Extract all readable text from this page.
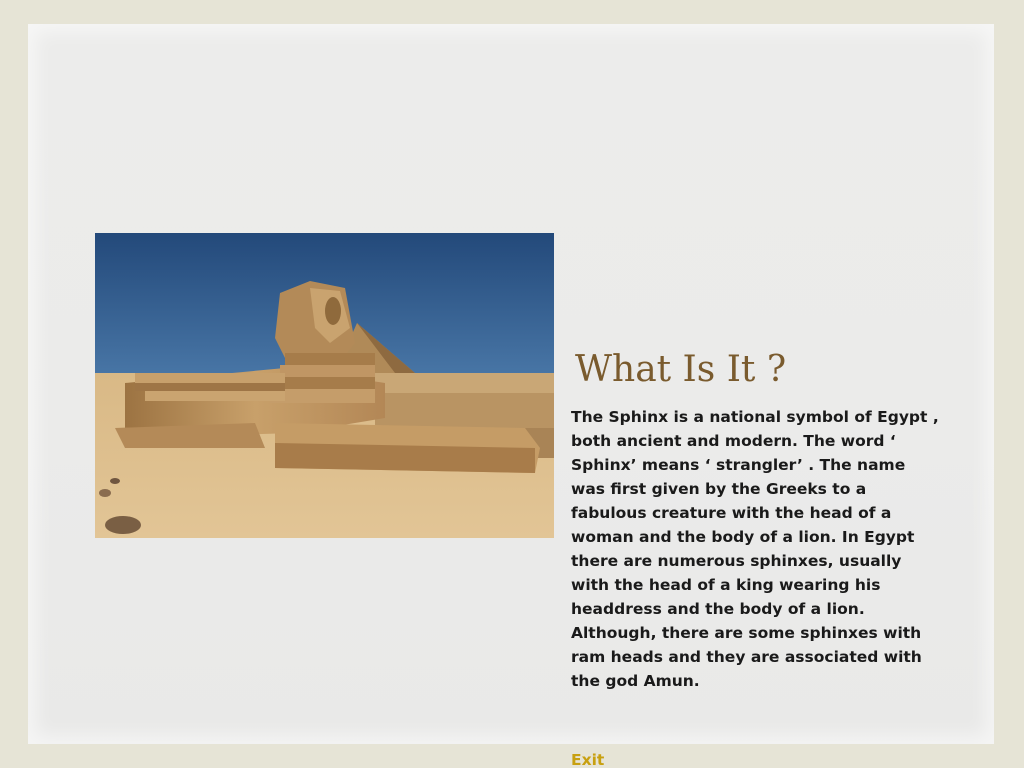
What Is It ?

The Sphinx is a national symbol of Egypt , both ancient and modern. The word ‘ Sphinx’ means ‘ strangler’ . The name was first given by the Greeks to a fabulous creature with the head of a woman and the body of a lion. In Egypt there are numerous sphinxes, usually with the head of a king wearing his headdress and the body of a lion. Although, there are some sphinxes with ram heads and they are associated with the god Amun.

Exit
